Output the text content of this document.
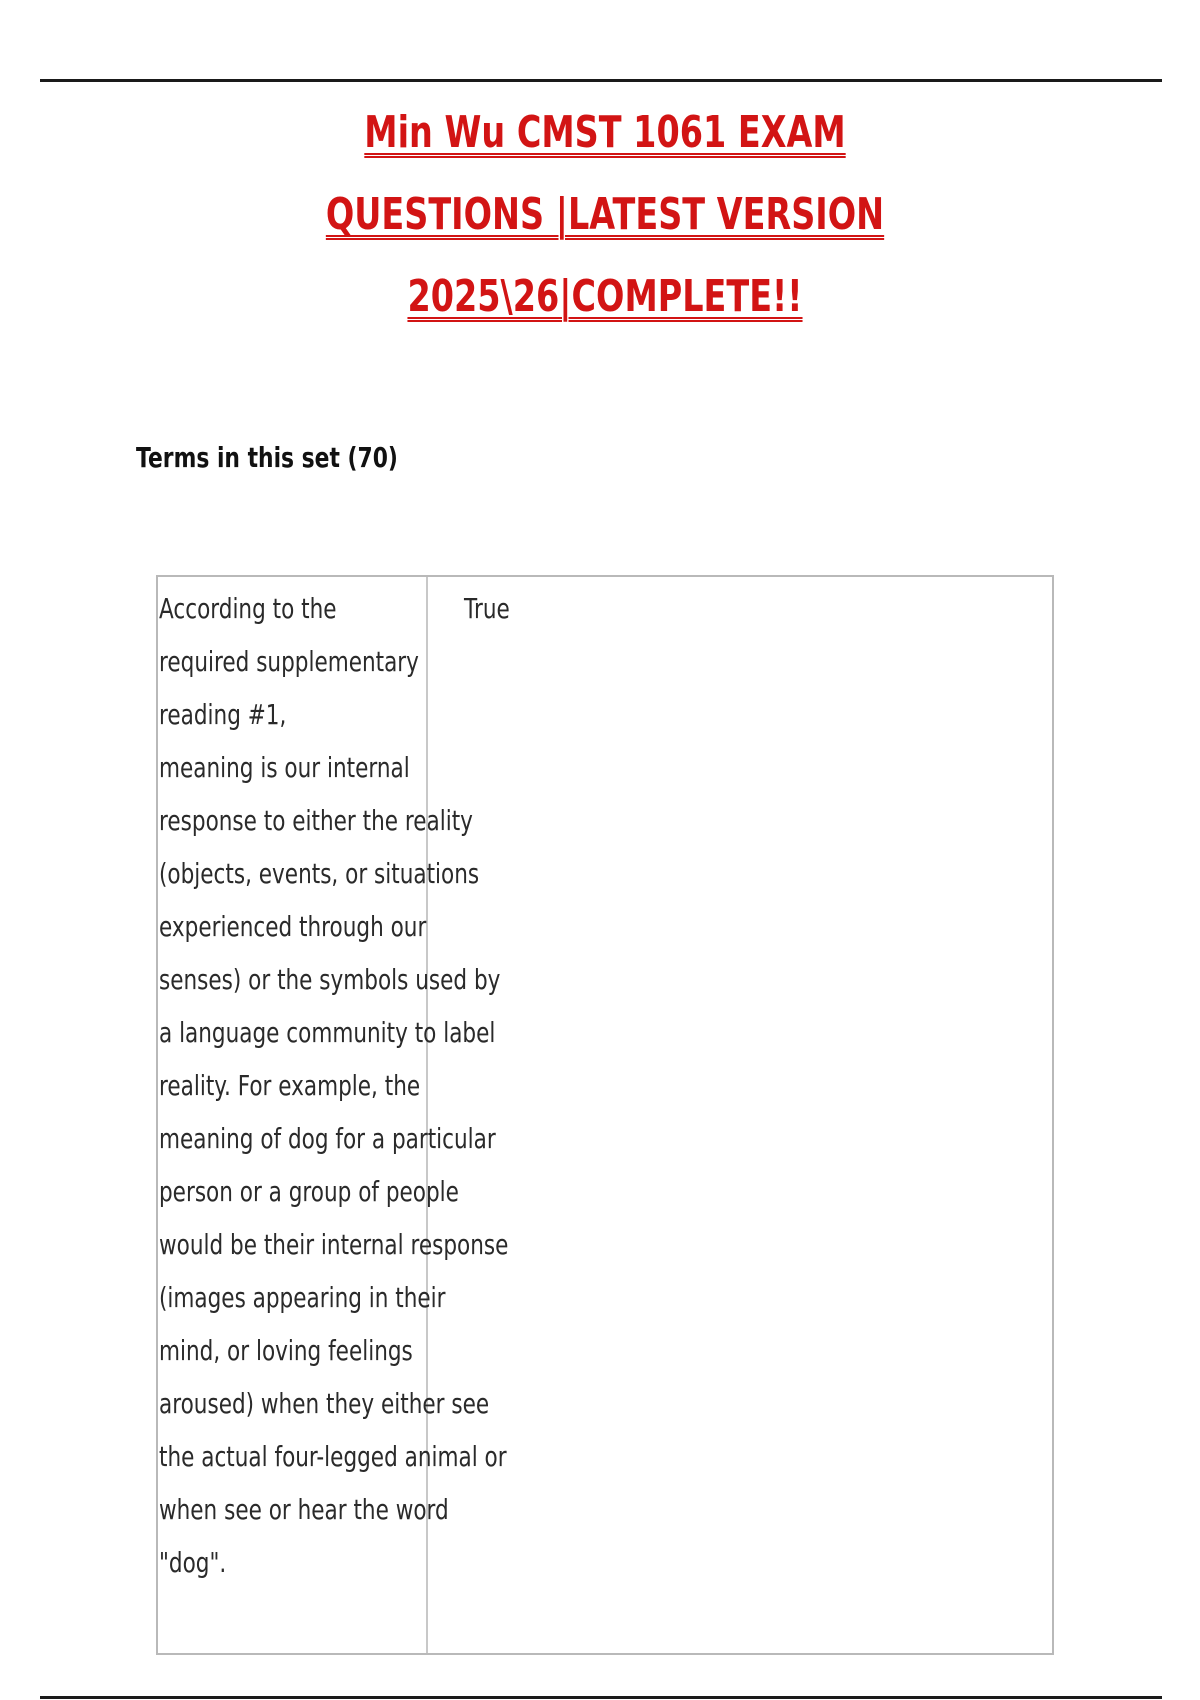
Min Wu CMST 1061 EXAM QUESTIONS |LATEST VERSION
2025\26|COMPLETE!!
Terms in this set (70)

According to the
required supplementary
reading #1,
meaning is our internal
response to either the reality
(objects, events, or situations
experienced through our
senses) or the symbols used by
a language community to label
reality. For example, the
meaning of dog for a particular
person or a group of people
would be their internal response
(images appearing in their
mind, or loving feelings
aroused) when they either see
the actual four-legged animal or
when see or hear the word
"dog".

True
